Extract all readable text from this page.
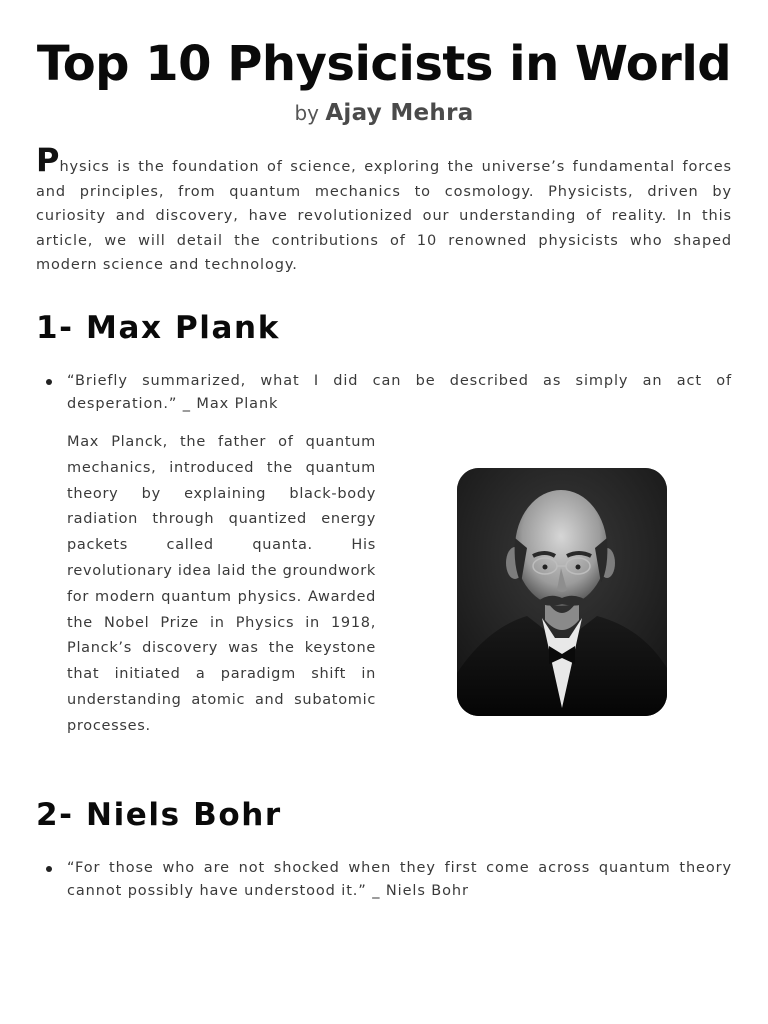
Top 10 Physicists in World
by Ajay Mehra

Physics is the foundation of science, exploring the universe’s fundamental forces and principles, from quantum mechanics to cosmology. Physicists, driven by curiosity and discovery, have revolutionized our understanding of reality. In this article, we will detail the contributions of 10 renowned physicists who shaped modern science and technology.

1- Max Plank
“Briefly summarized, what I did can be described as simply an act of desperation.” _ Max Plank

Max Planck, the father of quantum mechanics, introduced the quantum theory by explaining black-body radiation through quantized energy packets called quanta. His revolutionary idea laid the groundwork for modern quantum physics. Awarded the Nobel Prize in Physics in 1918, Planck’s discovery was the keystone that initiated a paradigm shift in understanding atomic and subatomic processes.

2- Niels Bohr
“For those who are not shocked when they first come across quantum theory cannot possibly have understood it.” _ Niels Bohr
